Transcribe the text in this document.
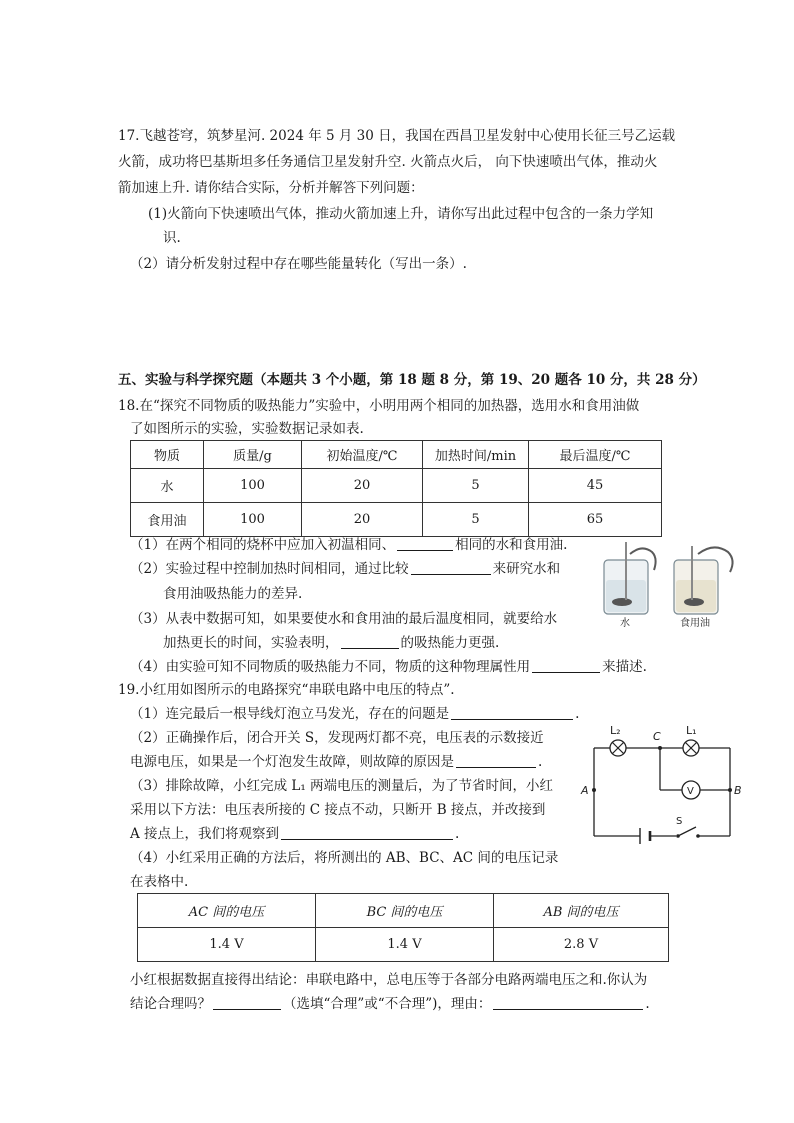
17.飞越苍穹，筑梦星河. 2024 年 5 月 30 日，我国在西昌卫星发射中心使用长征三号乙运载
火箭，成功将巴基斯坦多任务通信卫星发射升空. 火箭点火后， 向下快速喷出气体，推动火
箭加速上升. 请你结合实际，分析并解答下列问题：
(1)火箭向下快速喷出气体，推动火箭加速上升，请你写出此过程中包含的一条力学知
识.
（2）请分析发射过程中存在哪些能量转化（写出一条）.
五、实验与科学探究题（本题共 3 个小题，第 18 题 8 分，第 19、20 题各 10 分，共 28 分）
18.在“探究不同物质的吸热能力”实验中，小明用两个相同的加热器，选用水和食用油做
了如图所示的实验，实验数据记录如表.
物质	质量/g	初始温度/℃	加热时间/min	最后温度/℃
水	100	20	5	45
食用油	100	20	5	65
（1）在两个相同的烧杯中应加入初温相同、	相同的水和食用油.
（2）实验过程中控制加热时间相同，通过比较	来研究水和
食用油吸热能力的差异.
（3）从表中数据可知，如果要使水和食用油的最后温度相同，就要给水
加热更长的时间，实验表明，	的吸热能力更强.
（4）由实验可知不同物质的吸热能力不同，物质的这种物理属性用	来描述.
水	食用油
19.小红用如图所示的电路探究“串联电路中电压的特点”.
（1）连完最后一根导线灯泡立马发光，存在的问题是	.
（2）正确操作后，闭合开关 S，发现两灯都不亮，电压表的示数接近
电源电压，如果是一个灯泡发生故障，则故障的原因是	.
（3）排除故障，小红完成 L₁ 两端电压的测量后，为了节省时间，小红
采用以下方法：电压表所接的 C 接点不动，只断开 B 接点，并改接到
A 接点上，我们将观察到	.
（4）小红采用正确的方法后，将所测出的 AB、BC、AC 间的电压记录
在表格中.
L₂	L₁
C
A	B
V
S
AC 间的电压	BC 间的电压	AB 间的电压
1.4 V	1.4 V	2.8 V
小红根据数据直接得出结论：串联电路中，总电压等于各部分电路两端电压之和.你认为
结论合理吗？	（选填“合理”或“不合理”)，理由：	.
